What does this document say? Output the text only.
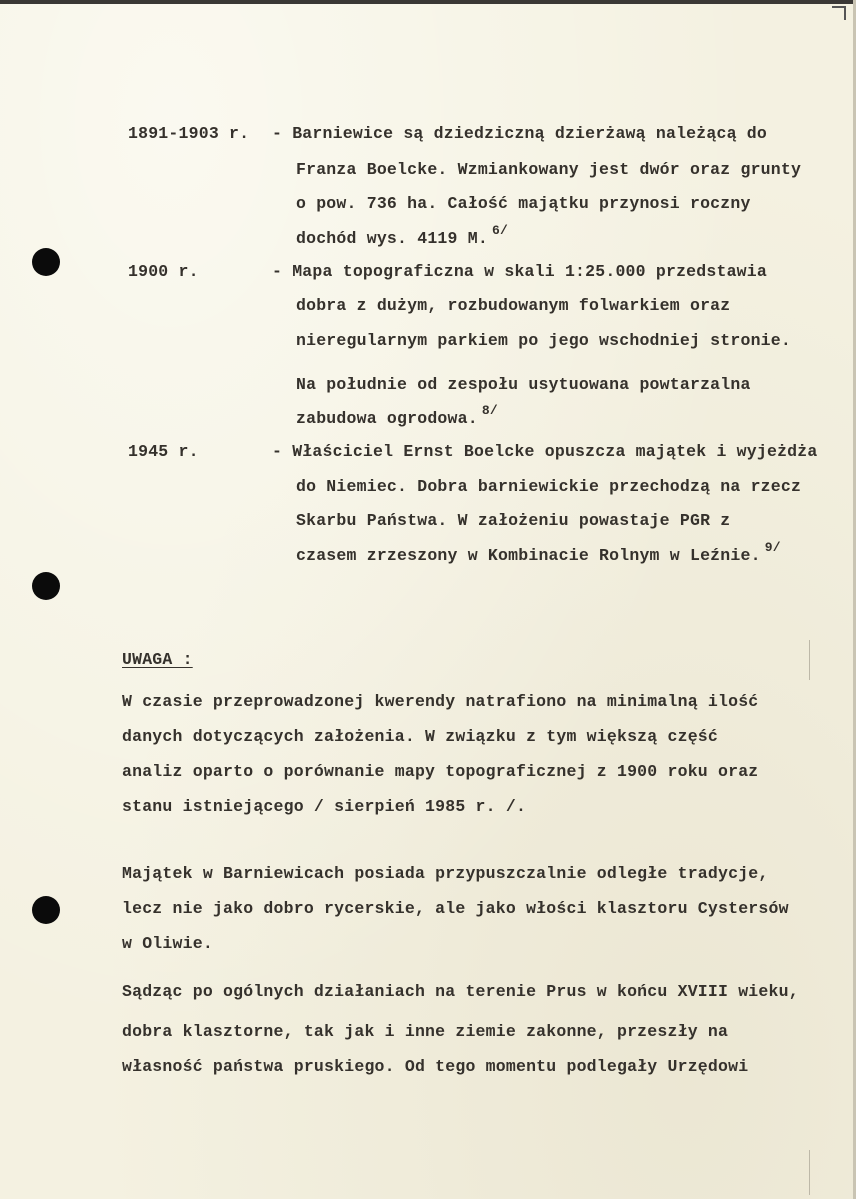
1891-1903 r. - Barniewice są dziedziczną dzierżawą należącą do
Franza Boelcke. Wzmiankowany jest dwór oraz grunty
o pow. 736 ha. Całość majątku przynosi roczny
dochód wys. 4119 M. $^{6/}$
1900 r.	- Mapa topograficzna w skali 1:25.000 przedstawia
dobra z dużym, rozbudowanym folwarkiem oraz
nieregularnym parkiem po jego wschodniej stronie.
Na południe od zespołu usytuowana powtarzalna
zabudowa ogrodowa. $^{8/}$
1945 r.	- Właściciel Ernst Boelcke opuszcza majątek i wyjeżdża
do Niemiec. Dobra barniewickie przechodzą na rzecz
Skarbu Państwa. W założeniu powastaje PGR z
czasem zrzeszony w Kombinacie Rolnym w Leźnie. $^{9/}$
UWAGA :
W czasie przeprowadzonej kwerendy natrafiono na minimalną ilość
danych dotyczących założenia. W związku z tym większą część
analiz oparto o porównanie mapy topograficznej z 1900 roku oraz
stanu istniejącego / sierpień 1985 r. /.
Majątek w Barniewicach posiada przypuszczalnie odległe tradycje,
lecz nie jako dobro rycerskie, ale jako włości klasztoru Cystersów
w Oliwie.
Sądząc po ogólnych działaniach na terenie Prus w końcu XVIII wieku,
dobra klasztorne, tak jak i inne ziemie zakonne, przeszły na
własność państwa pruskiego. Od tego momentu podlegały Urzędowi
